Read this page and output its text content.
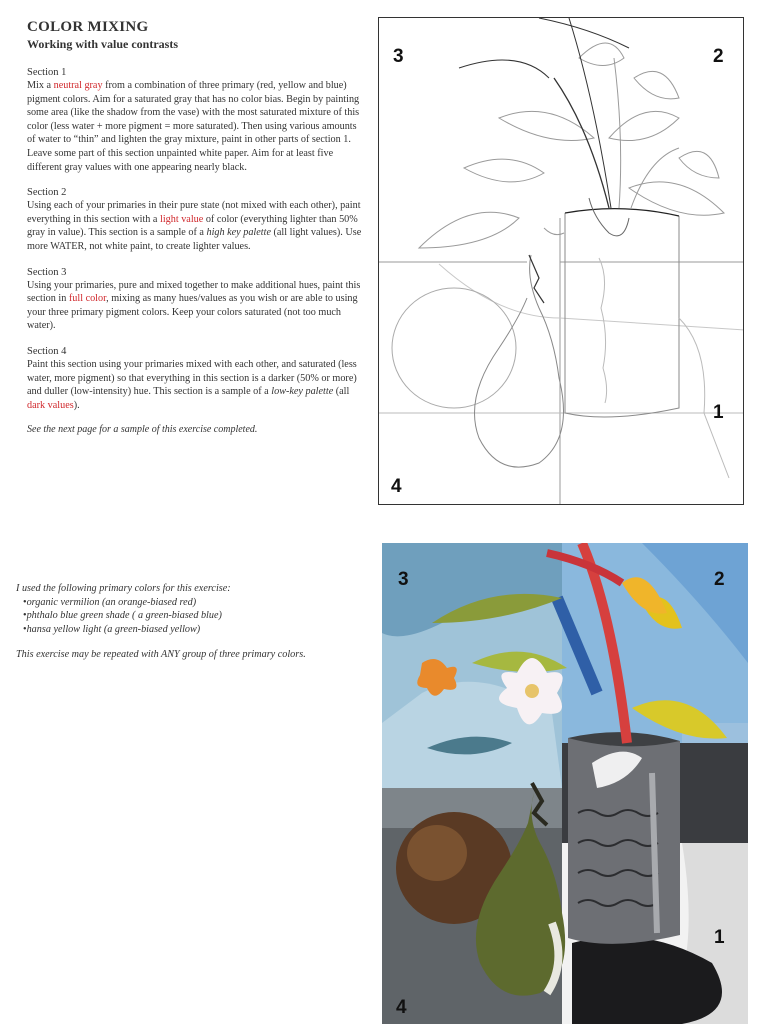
COLOR MIXING
Working with value contrasts
Section 1
Mix a neutral gray from a combination of three primary (red, yellow and blue) pigment colors. Aim for a saturated gray that has no color bias. Begin by painting some area (like the shadow from the vase) with the most saturated mixture of this color (less water + more pigment = more saturated). Then using various amounts of water to “thin” and lighten the gray mixture, paint in other parts of section 1. Leave some part of this section unpainted white paper. Aim for at least five different gray values with one appearing nearly black.
Section 2
Using each of your primaries in their pure state (not mixed with each other), paint everything in this section with a light value of color (everything lighter than 50% gray in value). This section is a sample of a high key palette (all light values). Use more WATER, not white paint, to create lighter values.
Section 3
Using your primaries, pure and mixed together to make additional hues, paint this section in full color, mixing as many hues/values as you wish or are able to using your three primary pigment colors. Keep your colors saturated (not too much water).
Section 4
Paint this section using your primaries mixed with each other, and saturated (less water, more pigment) so that everything in this section is a darker (50% or more) and duller (low-intensity) hue. This section is a sample of a low-key palette (all dark values).
See the next page for a sample of this exercise completed.
3	2
1
4
I used the following primary colors for this exercise:
• organic vermilion (an orange-biased red)
• phthalo blue green shade ( a green-biased blue)
• hansa yellow light (a green-biased yellow)
This exercise may be repeated with ANY group of three primary colors.
3	2
1
4
